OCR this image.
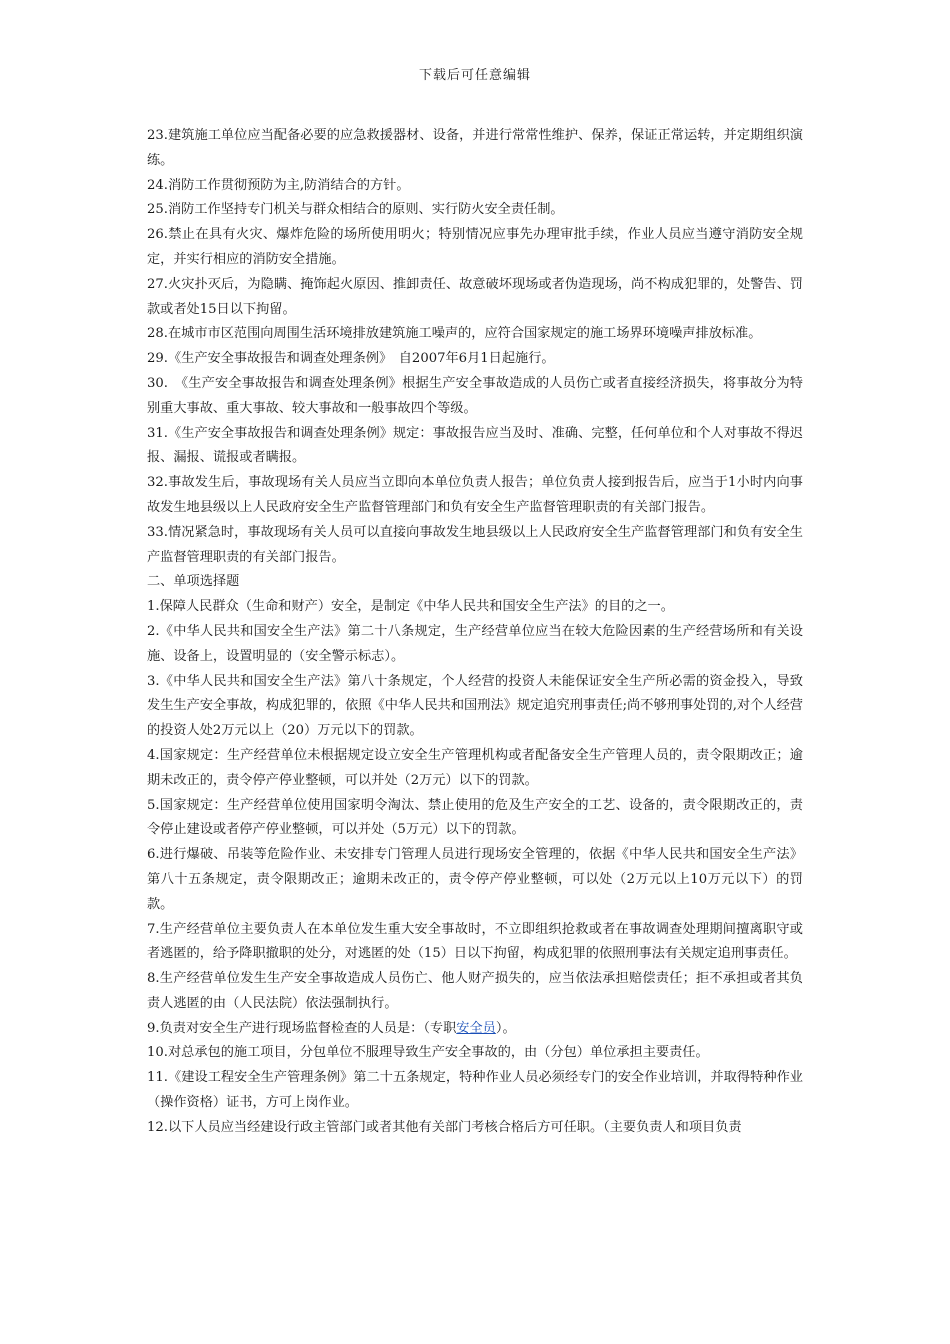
下载后可任意编辑

23.建筑施工单位应当配备必要的应急救援器材、设备，并进行常常性维护、保养，保证正常运转，并定期组织演练。

24.消防工作贯彻预防为主,防消结合的方针。

25.消防工作坚持专门机关与群众相结合的原则、实行防火安全责任制。

26.禁止在具有火灾、爆炸危险的场所使用明火；特别情况应事先办理审批手续，作业人员应当遵守消防安全规定，并实行相应的消防安全措施。

27.火灾扑灭后，为隐瞒、掩饰起火原因、推卸责任、故意破坏现场或者伪造现场，尚不构成犯罪的，处警告、罚款或者处15日以下拘留。

28.在城市市区范围向周围生活环境排放建筑施工噪声的，应符合国家规定的施工场界环境噪声排放标准。

29.《生产安全事故报告和调查处理条例》　自2007年6月1日起施行。

30.　《生产安全事故报告和调查处理条例》根据生产安全事故造成的人员伤亡或者直接经济损失，将事故分为特别重大事故、重大事故、较大事故和一般事故四个等级。

31.《生产安全事故报告和调查处理条例》规定：事故报告应当及时、准确、完整，任何单位和个人对事故不得迟报、漏报、谎报或者瞒报。

32.事故发生后，事故现场有关人员应当立即向本单位负责人报告；单位负责人接到报告后，应当于1小时内向事故发生地县级以上人民政府安全生产监督管理部门和负有安全生产监督管理职责的有关部门报告。

33.情况紧急时，事故现场有关人员可以直接向事故发生地县级以上人民政府安全生产监督管理部门和负有安全生产监督管理职责的有关部门报告。

二、单项选择题

1.保障人民群众（生命和财产）安全，是制定《中华人民共和国安全生产法》的目的之一。

2.《中华人民共和国安全生产法》第二十八条规定，生产经营单位应当在较大危险因素的生产经营场所和有关设施、设备上，设置明显的（安全警示标志）。

3.《中华人民共和国安全生产法》第八十条规定，个人经营的投资人未能保证安全生产所必需的资金投入，导致发生生产安全事故，构成犯罪的，依照《中华人民共和国刑法》规定追究刑事责任;尚不够刑事处罚的,对个人经营的投资人处2万元以上（20）万元以下的罚款。

4.国家规定：生产经营单位未根据规定设立安全生产管理机构或者配备安全生产管理人员的，责令限期改正；逾期未改正的，责令停产停业整顿，可以并处（2万元）以下的罚款。

5.国家规定：生产经营单位使用国家明令淘汰、禁止使用的危及生产安全的工艺、设备的，责令限期改正的，责令停止建设或者停产停业整顿，可以并处（5万元）以下的罚款。

6.进行爆破、吊装等危险作业、未安排专门管理人员进行现场安全管理的，依据《中华人民共和国安全生产法》第八十五条规定，责令限期改正；逾期未改正的，责令停产停业整顿，可以处（2万元以上10万元以下）的罚款。

7.生产经营单位主要负责人在本单位发生重大安全事故时，不立即组织抢救或者在事故调查处理期间擅离职守或者逃匿的，给予降职撤职的处分，对逃匿的处（15）日以下拘留，构成犯罪的依照刑事法有关规定追刑事责任。

8.生产经营单位发生生产安全事故造成人员伤亡、他人财产损失的，应当依法承担赔偿责任；拒不承担或者其负责人逃匿的由（人民法院）依法强制执行。

9.负责对安全生产进行现场监督检查的人员是：（专职安全员）。

10.对总承包的施工项目，分包单位不服理导致生产安全事故的，由（分包）单位承担主要责任。

11.《建设工程安全生产管理条例》第二十五条规定，特种作业人员必须经专门的安全作业培训，并取得特种作业（操作资格）证书，方可上岗作业。

12.以下人员应当经建设行政主管部门或者其他有关部门考核合格后方可任职。（主要负责人和项目负责
